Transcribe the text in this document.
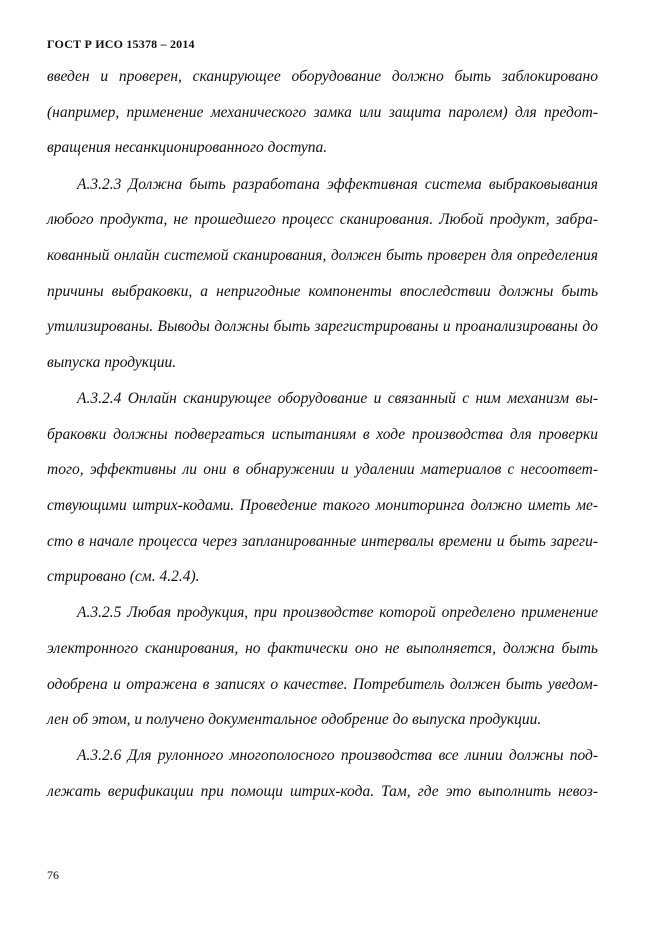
ГОСТ Р ИСО 15378 – 2014
введен и проверен, сканирующее оборудование должно быть заблокировано
(например, применение механического замка или защита паролем) для предот-
вращения несанкционированного доступа.
А.3.2.3 Должна быть разработана эффективная система выбраковывания
любого продукта, не прошедшего процесс сканирования. Любой продукт, забра-
кованный онлайн системой сканирования, должен быть проверен для определения
причины выбраковки, а непригодные компоненты впоследствии должны быть
утилизированы. Выводы должны быть зарегистрированы и проанализированы до
выпуска продукции.
А.3.2.4 Онлайн сканирующее оборудование и связанный с ним механизм вы-
браковки должны подвергаться испытаниям в ходе производства для проверки
того, эффективны ли они в обнаружении и удалении материалов с несоответ-
ствующими штрих-кодами. Проведение такого мониторинга должно иметь ме-
сто в начале процесса через запланированные интервалы времени и быть зареги-
стрировано (см. 4.2.4).
А.3.2.5 Любая продукция, при производстве которой определено применение
электронного сканирования, но фактически оно не выполняется, должна быть
одобрена и отражена в записях о качестве. Потребитель должен быть уведом-
лен об этом, и получено документальное одобрение до выпуска продукции.
А.3.2.6 Для рулонного многополосного производства все линии должны под-
лежать верификации при помощи штрих-кода. Там, где это выполнить невоз-
76
